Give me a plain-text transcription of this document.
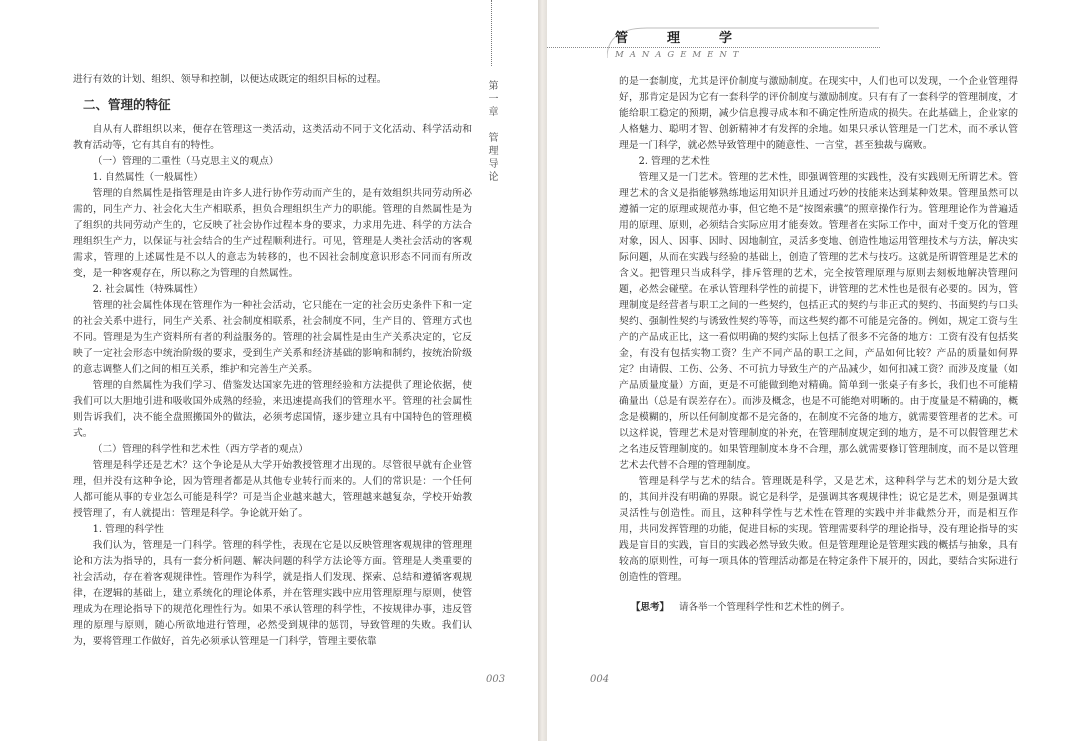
第一章　管理导论

进行有效的计划、组织、领导和控制，以便达成既定的组织目标的过程。

二、管理的特征

自从有人群组织以来，便存在管理这一类活动，这类活动不同于文化活动、科学活动和教育活动等，它有其自有的特性。

（一）管理的二重性（马克思主义的观点）
1. 自然属性（一般属性）

管理的自然属性是指管理是由许多人进行协作劳动而产生的，是有效组织共同劳动所必需的，同生产力、社会化大生产相联系，担负合理组织生产力的职能。管理的自然属性是为了组织的共同劳动产生的，它反映了社会协作过程本身的要求，力求用先进、科学的方法合理组织生产力，以保证与社会结合的生产过程顺利进行。可见，管理是人类社会活动的客观需求，管理的上述属性是不以人的意志为转移的，也不因社会制度意识形态不同而有所改变，是一种客观存在，所以称之为管理的自然属性。

2. 社会属性（特殊属性）

管理的社会属性体现在管理作为一种社会活动，它只能在一定的社会历史条件下和一定的社会关系中进行，同生产关系、社会制度相联系，社会制度不同，生产目的、管理方式也不同。管理是为生产资料所有者的利益服务的。管理的社会属性是由生产关系决定的，它反映了一定社会形态中统治阶级的要求，受到生产关系和经济基础的影响和制约，按统治阶级的意志调整人们之间的相互关系，维护和完善生产关系。

管理的自然属性为我们学习、借鉴发达国家先进的管理经验和方法提供了理论依据，使我们可以大胆地引进和吸收国外成熟的经验，来迅速提高我们的管理水平。管理的社会属性则告诉我们，决不能全盘照搬国外的做法，必须考虑国情，逐步建立具有中国特色的管理模式。

（二）管理的科学性和艺术性（西方学者的观点）

管理是科学还是艺术？这个争论是从大学开始教授管理才出现的。尽管很早就有企业管理，但并没有这种争论，因为管理者都是从其他专业转行而来的。人们的常识是：一个任何人都可能从事的专业怎么可能是科学？可是当企业越来越大，管理越来越复杂，学校开始教授管理了，有人就提出：管理是科学。争论就开始了。

1. 管理的科学性

我们认为，管理是一门科学。管理的科学性，表现在它是以反映管理客观规律的管理理论和方法为指导的，具有一套分析问题、解决问题的科学方法论等方面。管理是人类重要的社会活动，存在着客观规律性。管理作为科学，就是指人们发现、探索、总结和遵循客观规律，在逻辑的基础上，建立系统化的理论体系，并在管理实践中应用管理原理与原则，使管理成为在理论指导下的规范化理性行为。如果不承认管理的科学性，不按规律办事，违反管理的原理与原则，随心所欲地进行管理，必然受到规律的惩罚，导致管理的失败。我们认为，要将管理工作做好，首先必须承认管理是一门科学，管理主要依靠

003
管　理　学
MANAGEMENT

的是一套制度，尤其是评价制度与激励制度。在现实中，人们也可以发现，一个企业管理得好，那肯定是因为它有一套科学的评价制度与激励制度。只有有了一套科学的管理制度，才能给职工稳定的预期，减少信息搜寻成本和不确定性所造成的损失。在此基础上，企业家的人格魅力、聪明才智、创新精神才有发挥的余地。如果只承认管理是一门艺术，而不承认管理是一门科学，就必然导致管理中的随意性、一言堂，甚至独裁与腐败。

2. 管理的艺术性

管理又是一门艺术。管理的艺术性，即强调管理的实践性，没有实践则无所谓艺术。管理艺术的含义是指能够熟练地运用知识并且通过巧妙的技能来达到某种效果。管理虽然可以遵循一定的原理或规范办事，但它绝不是“按图索骥”的照章操作行为。管理理论作为普遍适用的原理、原则，必须结合实际应用才能奏效。管理者在实际工作中，面对千变万化的管理对象，因人、因事、因时、因地制宜，灵活多变地、创造性地运用管理技术与方法，解决实际问题，从而在实践与经验的基础上，创造了管理的艺术与技巧。这就是所谓管理是艺术的含义。把管理只当成科学，排斥管理的艺术，完全按管理原理与原则去刻板地解决管理问题，必然会碰壁。在承认管理科学性的前提下，讲管理的艺术性也是很有必要的。因为，管理制度是经营者与职工之间的一些契约，包括正式的契约与非正式的契约、书面契约与口头契约、强制性契约与诱致性契约等等，而这些契约都不可能是完备的。例如，规定工资与生产的产品成正比，这一看似明确的契约实际上包括了很多不完备的地方：工资有没有包括奖金，有没有包括实物工资？生产不同产品的职工之间，产品如何比较？产品的质量如何界定？由请假、工伤、公务、不可抗力导致生产的产品减少，如何扣减工资？而涉及度量（如产品质量度量）方面，更是不可能做到绝对精确。简单到一张桌子有多长，我们也不可能精确量出（总是有误差存在）。而涉及概念，也是不可能绝对明晰的。由于度量是不精确的，概念是模糊的，所以任何制度都不是完备的，在制度不完备的地方，就需要管理者的艺术。可以这样说，管理艺术是对管理制度的补充，在管理制度规定到的地方，是不可以假管理艺术之名违反管理制度的。如果管理制度本身不合理，那么就需要修订管理制度，而不是以管理艺术去代替不合理的管理制度。

管理是科学与艺术的结合。管理既是科学，又是艺术，这种科学与艺术的划分是大致的，其间并没有明确的界限。说它是科学，是强调其客观规律性；说它是艺术，则是强调其灵活性与创造性。而且，这种科学性与艺术性在管理的实践中并非截然分开，而是相互作用，共同发挥管理的功能，促进目标的实现。管理需要科学的理论指导，没有理论指导的实践是盲目的实践，盲目的实践必然导致失败。但是管理理论是管理实践的概括与抽象，具有较高的原则性，可每一项具体的管理活动都是在特定条件下展开的，因此，要结合实际进行创造性的管理。

【思考】 请各举一个管理科学性和艺术性的例子。
004
